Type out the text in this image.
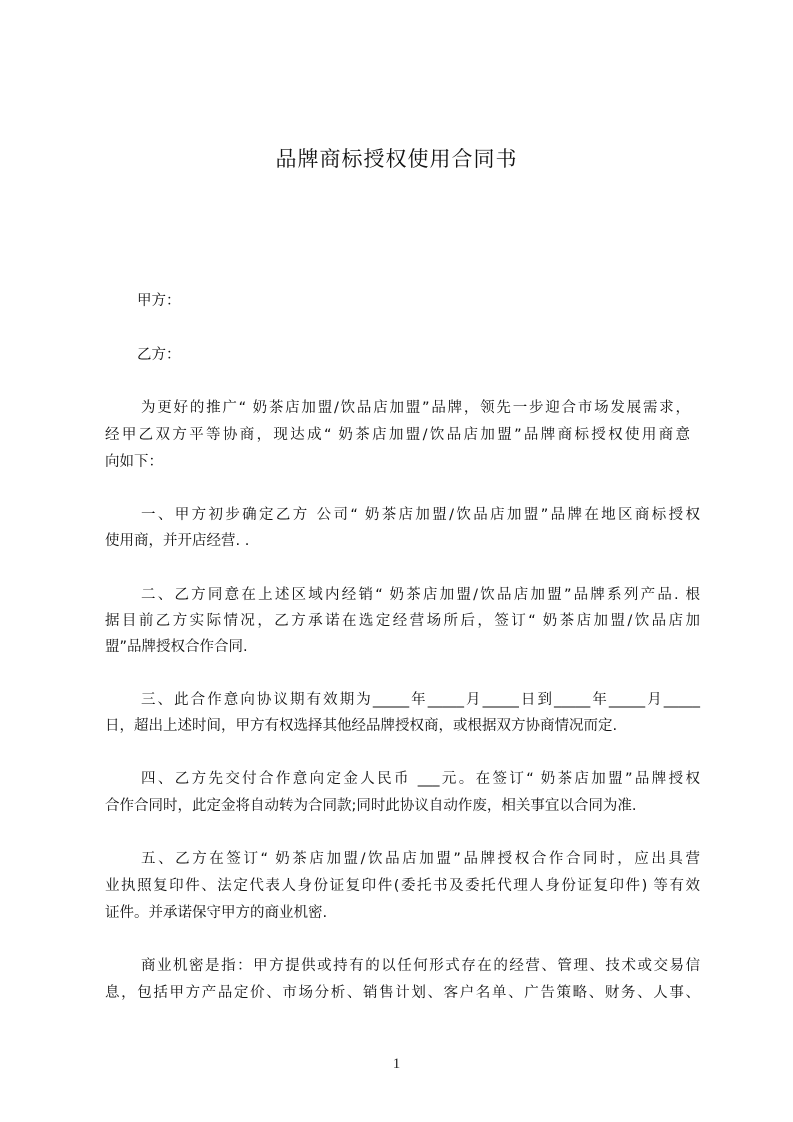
品牌商标授权使用合同书
甲方：
乙方：
为更好的推广“ 奶茶店加盟/饮品店加盟”品牌，领先一步迎合市场发展需求，
经甲乙双方平等协商，现达成“ 奶茶店加盟/饮品店加盟”品牌商标授权使用商意
向如下：
一、甲方初步确定乙方 公司“ 奶茶店加盟/饮品店加盟”品牌在地区商标授权
使用商，并开店经营. .
二、乙方同意在上述区域内经销“ 奶茶店加盟/饮品店加盟”品牌系列产品. 根
据目前乙方实际情况，乙方承诺在选定经营场所后，签订“ 奶茶店加盟/饮品店加
盟”品牌授权合作合同.
三、此合作意向协议期有效期为_____年_____月_____日到_____年_____月_____
日，超出上述时间，甲方有权选择其他经品牌授权商，或根据双方协商情况而定.
四、乙方先交付合作意向定金人民币 ___元。在签订“ 奶茶店加盟”品牌授权
合作合同时，此定金将自动转为合同款;同时此协议自动作废，相关事宜以合同为准.
五、乙方在签订“ 奶茶店加盟/饮品店加盟”品牌授权合作合同时，应出具营
业执照复印件、法定代表人身份证复印件(委托书及委托代理人身份证复印件) 等有效
证件。并承诺保守甲方的商业机密.
商业机密是指：甲方提供或持有的以任何形式存在的经营、管理、技术或交易信
息，包括甲方产品定价、市场分析、销售计划、客户名单、广告策略、财务、人事、
1
